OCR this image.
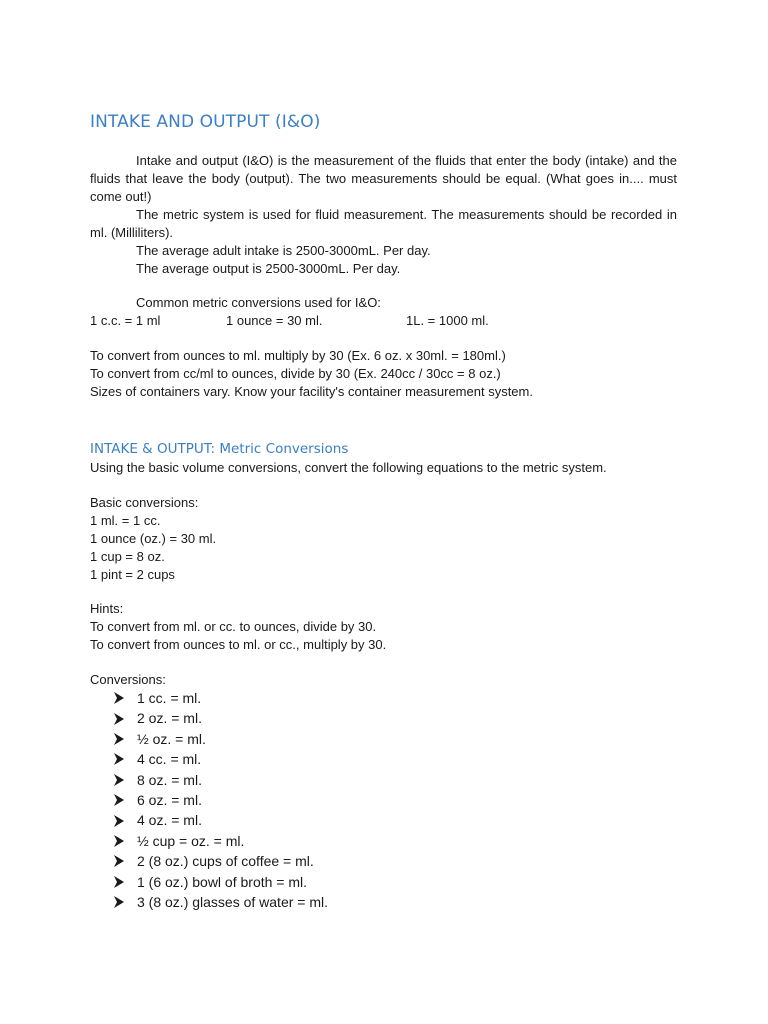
INTAKE AND OUTPUT (I&O)
Intake and output (I&O) is the measurement of the fluids that enter the body (intake) and the fluids that leave the body (output). The two measurements should be equal. (What goes in.... must come out!)
The metric system is used for fluid measurement. The measurements should be recorded in ml. (Milliliters).
The average adult intake is 2500-3000mL. Per day.
The average output is 2500-3000mL. Per day.
Common metric conversions used for I&O:
1 c.c. = 1 ml	1 ounce = 30 ml.	1L. = 1000 ml.
To convert from ounces to ml. multiply by 30 (Ex. 6 oz. x 30ml. = 180ml.)
To convert from cc/ml to ounces, divide by 30 (Ex. 240cc / 30cc = 8 oz.)
Sizes of containers vary. Know your facility's container measurement system.
INTAKE & OUTPUT: Metric Conversions
Using the basic volume conversions, convert the following equations to the metric system.
Basic conversions:
1 ml. = 1 cc.
1 ounce (oz.) = 30 ml.
1 cup = 8 oz.
1 pint = 2 cups
Hints:
To convert from ml. or cc. to ounces, divide by 30.
To convert from ounces to ml. or cc., multiply by 30.
Conversions:
1 cc. = ml.
2 oz. = ml.
½ oz. = ml.
4 cc. = ml.
8 oz. = ml.
6 oz. = ml.
4 oz. = ml.
½ cup = oz. = ml.
2 (8 oz.) cups of coffee = ml.
1 (6 oz.) bowl of broth = ml.
3 (8 oz.) glasses of water = ml.
